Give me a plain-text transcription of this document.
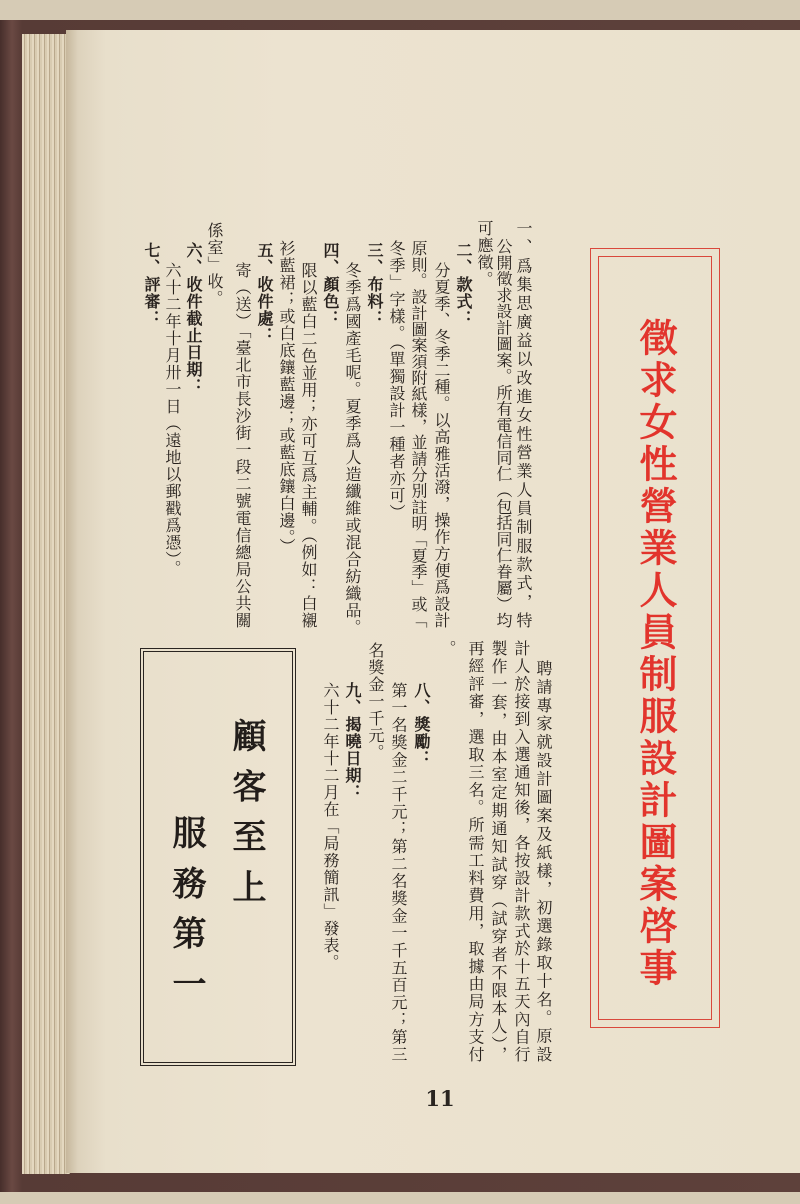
徵求女性營業人員制服設計圖案啓事
一、爲集思廣益以改進女性營業人員制服款式，特
公開徵求設計圖案。所有電信同仁（包括同仁眷屬）均
可應徵。
二、款式：
分夏季、冬季二種。以高雅活潑，操作方便爲設計
原則。設計圖案須附紙樣，並請分別註明「夏季」或「
冬季」字樣。（單獨設計一種者亦可）
三、布料：
冬季爲國產毛呢。夏季爲人造纖維或混合紡織品。
四、顏色：
限以藍白二色並用；亦可互爲主輔。（例如：白襯
衫藍裙；或白底鑲藍邊；或藍底鑲白邊。）
五、收件處：
寄（送）「臺北市長沙街一段二號電信總局公共關
係室」收。
六、收件截止日期：
六十二年十月卅一日（遠地以郵戳爲憑）。
七、評審：
聘請專家就設計圖案及紙樣，初選錄取十名。原設
計人於接到入選通知後，各按設計款式於十五天內自行
製作一套，由本室定期通知試穿（試穿者不限本人），
再經評審，選取三名。所需工料費用，取據由局方支付
。
八、獎勵：
第一名獎金二千元；第二名獎金一千五百元；第三
名獎金一千元。
九、揭曉日期：
六十二年十二月在「局務簡訊」發表。
顧客至上
服務第一
11
